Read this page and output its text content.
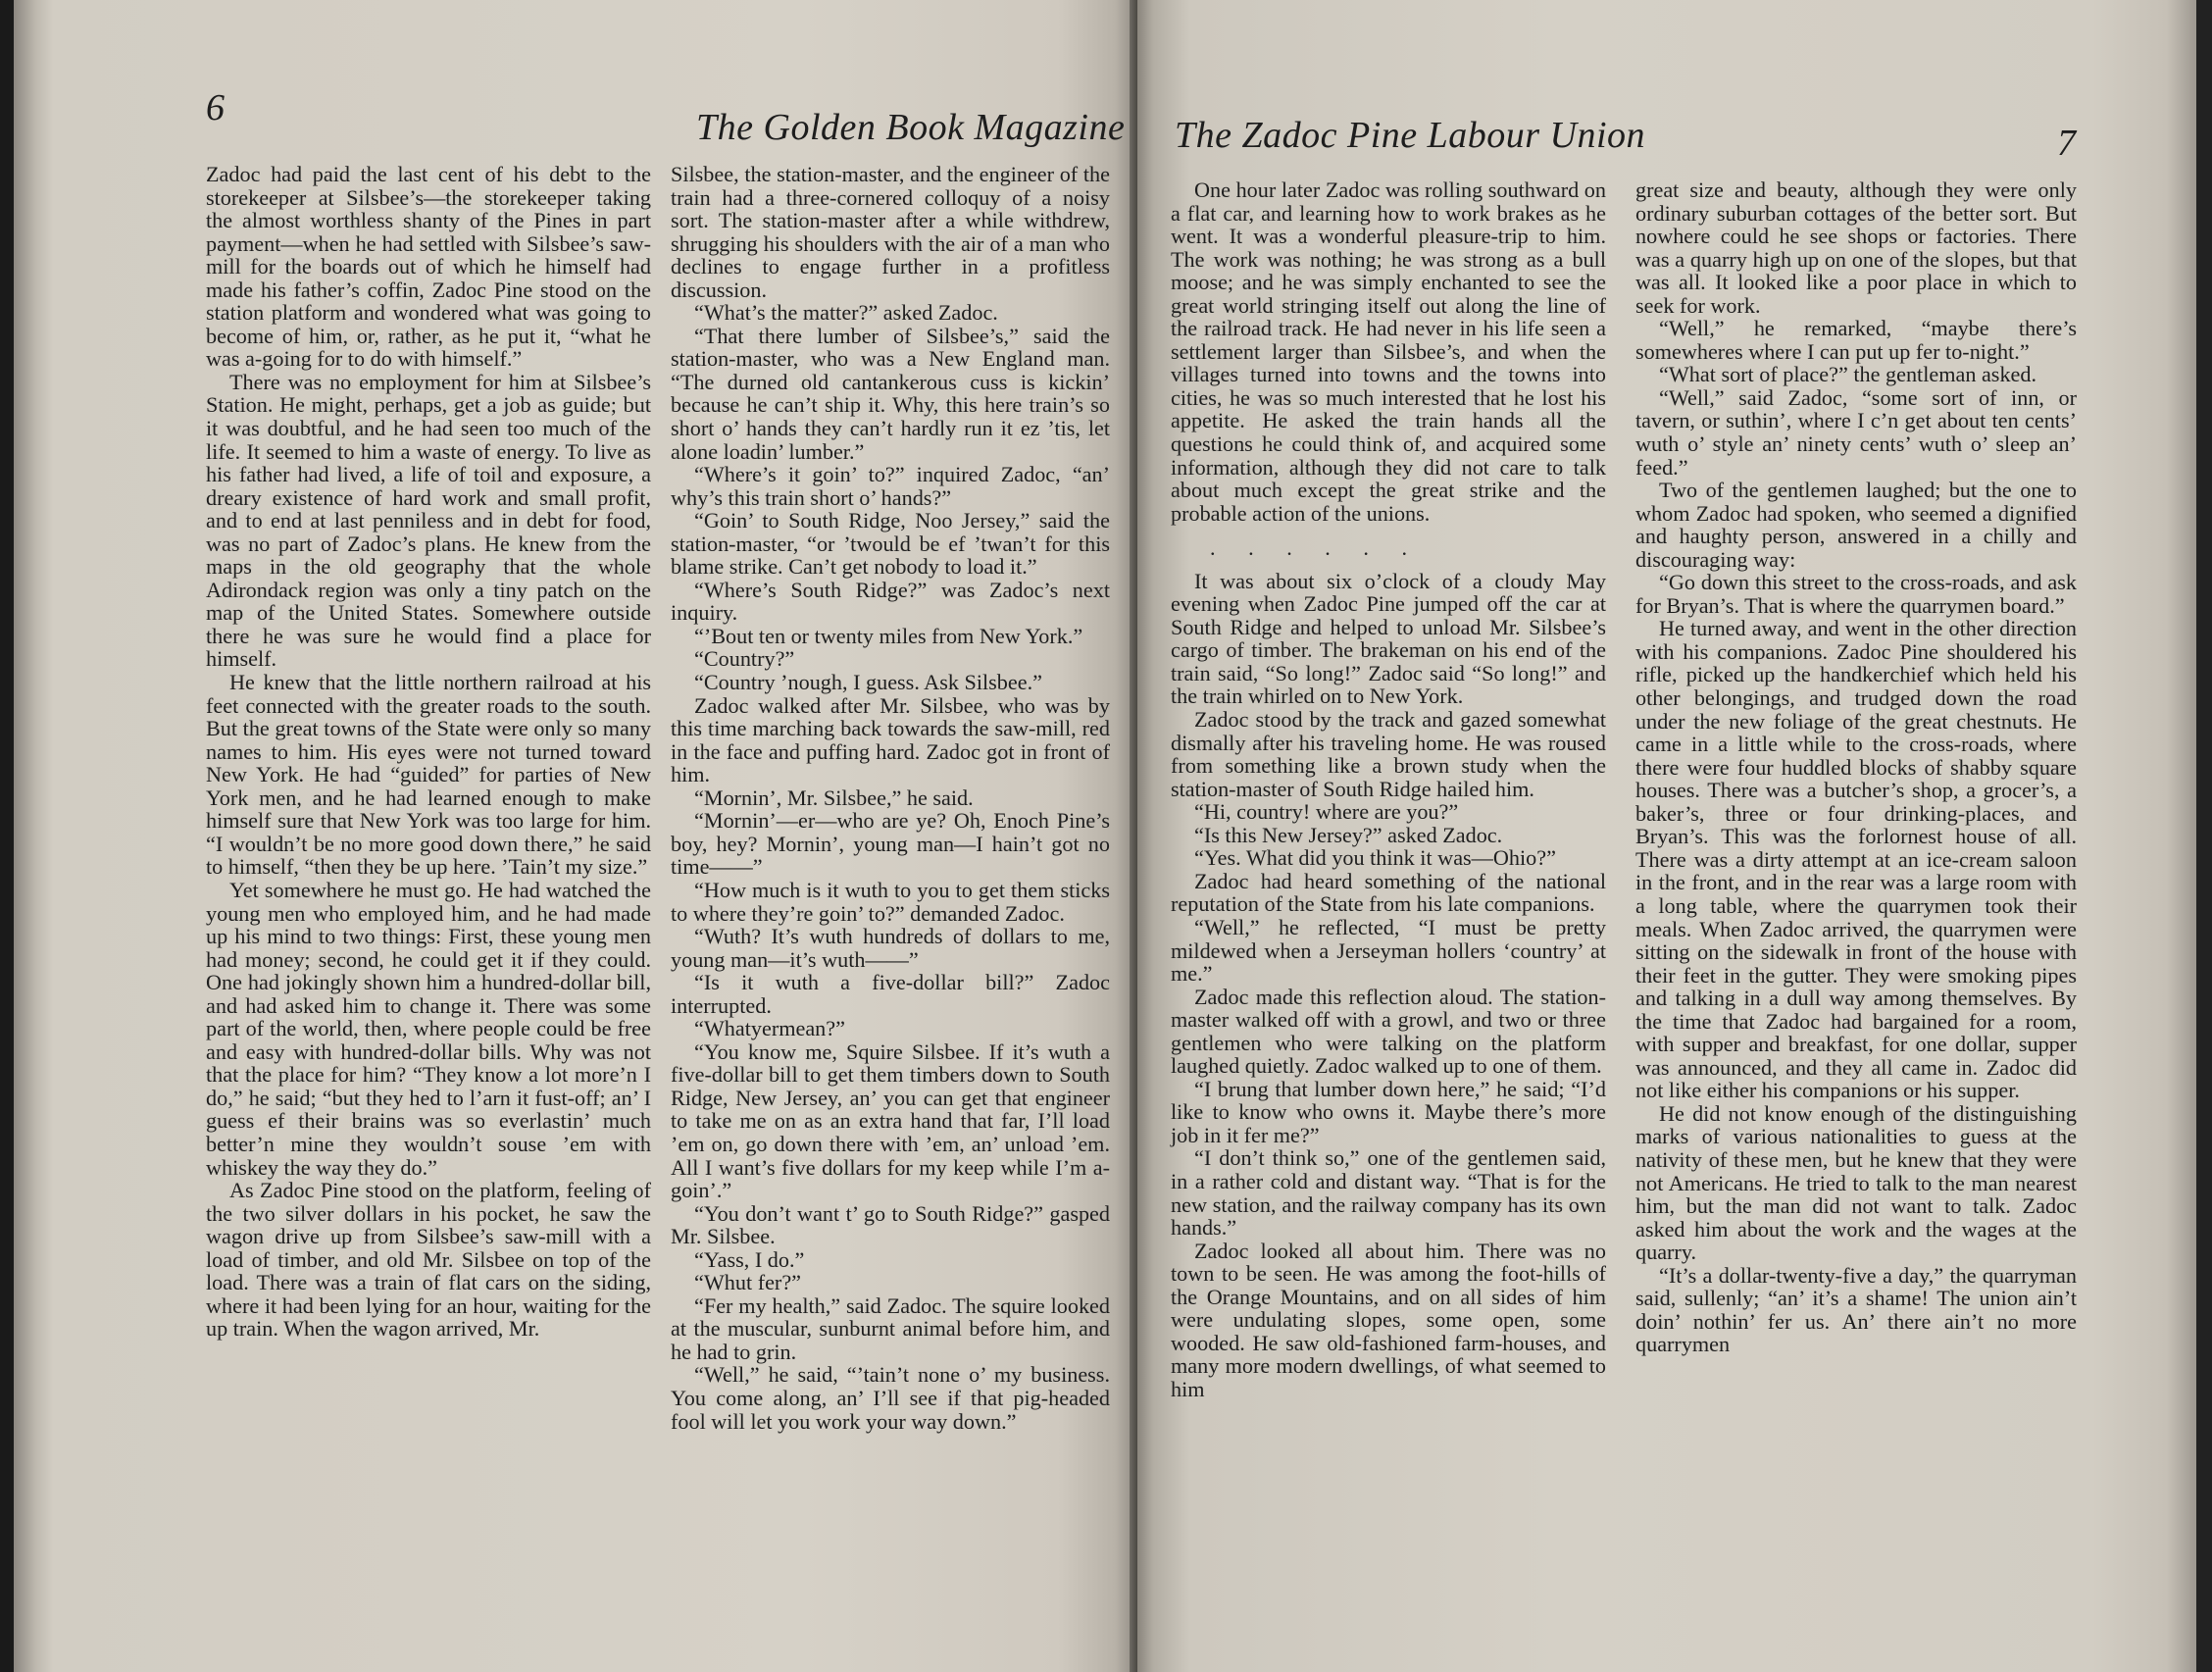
6	The Golden Book Magazine

Zadoc had paid the last cent of his debt to the storekeeper at Silsbee’s—the storekeeper taking the almost worthless shanty of the Pines in part payment—when he had settled with Silsbee’s saw-mill for the boards out of which he himself had made his father’s coffin, Zadoc Pine stood on the station platform and wondered what was going to become of him, or, rather, as he put it, “what he was a-going for to do with himself.”

There was no employment for him at Silsbee’s Station. He might, perhaps, get a job as guide; but it was doubtful, and he had seen too much of the life. It seemed to him a waste of energy. To live as his father had lived, a life of toil and exposure, a dreary existence of hard work and small profit, and to end at last penniless and in debt for food, was no part of Zadoc’s plans. He knew from the maps in the old geography that the whole Adirondack region was only a tiny patch on the map of the United States. Somewhere outside there he was sure he would find a place for himself.

He knew that the little northern railroad at his feet connected with the greater roads to the south. But the great towns of the State were only so many names to him. His eyes were not turned toward New York. He had “guided” for parties of New York men, and he had learned enough to make himself sure that New York was too large for him. “I wouldn’t be no more good down there,” he said to himself, “then they be up here. ’Tain’t my size.”

Yet somewhere he must go. He had watched the young men who employed him, and he had made up his mind to two things: First, these young men had money; second, he could get it if they could. One had jokingly shown him a hundred-dollar bill, and had asked him to change it. There was some part of the world, then, where people could be free and easy with hundred-dollar bills. Why was not that the place for him? “They know a lot more’n I do,” he said; “but they hed to l’arn it fust-off; an’ I guess ef their brains was so everlastin’ much better’n mine they wouldn’t souse ’em with whiskey the way they do.”

As Zadoc Pine stood on the platform, feeling of the two silver dollars in his pocket, he saw the wagon drive up from Silsbee’s saw-mill with a load of timber, and old Mr. Silsbee on top of the load. There was a train of flat cars on the siding, where it had been lying for an hour, waiting for the up train. When the wagon arrived, Mr.

Silsbee, the station-master, and the engineer of the train had a three-cornered colloquy of a noisy sort. The station-master after a while withdrew, shrugging his shoulders with the air of a man who declines to engage further in a profitless discussion.

“What’s the matter?” asked Zadoc.

“That there lumber of Silsbee’s,” said the station-master, who was a New England man. “The durned old cantankerous cuss is kickin’ because he can’t ship it. Why, this here train’s so short o’ hands they can’t hardly run it ez ’tis, let alone loadin’ lumber.”

“Where’s it goin’ to?” inquired Zadoc, “an’ why’s this train short o’ hands?”

“Goin’ to South Ridge, Noo Jersey,” said the station-master, “or ’twould be ef ’twan’t for this blame strike. Can’t get nobody to load it.”

“Where’s South Ridge?” was Zadoc’s next inquiry.

“’Bout ten or twenty miles from New York.”

“Country?”

“Country ’nough, I guess. Ask Silsbee.”

Zadoc walked after Mr. Silsbee, who was by this time marching back towards the saw-mill, red in the face and puffing hard. Zadoc got in front of him.

“Mornin’, Mr. Silsbee,” he said.

“Mornin’—er—who are ye? Oh, Enoch Pine’s boy, hey? Mornin’, young man—I hain’t got no time——”

“How much is it wuth to you to get them sticks to where they’re goin’ to?” demanded Zadoc.

“Wuth? It’s wuth hundreds of dollars to me, young man—it’s wuth——”

“Is it wuth a five-dollar bill?” Zadoc interrupted.

“Whatyermean?”

“You know me, Squire Silsbee. If it’s wuth a five-dollar bill to get them timbers down to South Ridge, New Jersey, an’ you can get that engineer to take me on as an extra hand that far, I’ll load ’em on, go down there with ’em, an’ unload ’em. All I want’s five dollars for my keep while I’m a-goin’.”

“You don’t want t’ go to South Ridge?” gasped Mr. Silsbee.

“Yass, I do.”

“Whut fer?”

“Fer my health,” said Zadoc. The squire looked at the muscular, sunburnt animal before him, and he had to grin.

“Well,” he said, “’tain’t none o’ my business. You come along, an’ I’ll see if that pig-headed fool will let you work your way down.”

The Zadoc Pine Labour Union	7

One hour later Zadoc was rolling southward on a flat car, and learning how to work brakes as he went. It was a wonderful pleasure-trip to him. The work was nothing; he was strong as a bull moose; and he was simply enchanted to see the great world stringing itself out along the line of the railroad track. He had never in his life seen a settlement larger than Silsbee’s, and when the villages turned into towns and the towns into cities, he was so much interested that he lost his appetite. He asked the train hands all the questions he could think of, and acquired some information, although they did not care to talk about much except the great strike and the probable action of the unions.

. . . . . .

It was about six o’clock of a cloudy May evening when Zadoc Pine jumped off the car at South Ridge and helped to unload Mr. Silsbee’s cargo of timber. The brakeman on his end of the train said, “So long!” Zadoc said “So long!” and the train whirled on to New York.

Zadoc stood by the track and gazed somewhat dismally after his traveling home. He was roused from something like a brown study when the station-master of South Ridge hailed him.

“Hi, country! where are you?”

“Is this New Jersey?” asked Zadoc.

“Yes. What did you think it was—Ohio?”

Zadoc had heard something of the national reputation of the State from his late companions.

“Well,” he reflected, “I must be pretty mildewed when a Jerseyman hollers ‘country’ at me.”

Zadoc made this reflection aloud. The station-master walked off with a growl, and two or three gentlemen who were talking on the platform laughed quietly. Zadoc walked up to one of them.

“I brung that lumber down here,” he said; “I’d like to know who owns it. Maybe there’s more job in it fer me?”

“I don’t think so,” one of the gentlemen said, in a rather cold and distant way. “That is for the new station, and the railway company has its own hands.”

Zadoc looked all about him. There was no town to be seen. He was among the foot-hills of the Orange Mountains, and on all sides of him were undulating slopes, some open, some wooded. He saw old-fashioned farm-houses, and many more modern dwellings, of what seemed to him

great size and beauty, although they were only ordinary suburban cottages of the better sort. But nowhere could he see shops or factories. There was a quarry high up on one of the slopes, but that was all. It looked like a poor place in which to seek for work.

“Well,” he remarked, “maybe there’s somewheres where I can put up fer to-night.”

“What sort of place?” the gentleman asked.

“Well,” said Zadoc, “some sort of inn, or tavern, or suthin’, where I c’n get about ten cents’ wuth o’ style an’ ninety cents’ wuth o’ sleep an’ feed.”

Two of the gentlemen laughed; but the one to whom Zadoc had spoken, who seemed a dignified and haughty person, answered in a chilly and discouraging way:

“Go down this street to the cross-roads, and ask for Bryan’s. That is where the quarrymen board.”

He turned away, and went in the other direction with his companions. Zadoc Pine shouldered his rifle, picked up the handkerchief which held his other belongings, and trudged down the road under the new foliage of the great chestnuts. He came in a little while to the cross-roads, where there were four huddled blocks of shabby square houses. There was a butcher’s shop, a grocer’s, a baker’s, three or four drinking-places, and Bryan’s. This was the forlornest house of all. There was a dirty attempt at an ice-cream saloon in the front, and in the rear was a large room with a long table, where the quarrymen took their meals. When Zadoc arrived, the quarrymen were sitting on the sidewalk in front of the house with their feet in the gutter. They were smoking pipes and talking in a dull way among themselves. By the time that Zadoc had bargained for a room, with supper and breakfast, for one dollar, supper was announced, and they all came in. Zadoc did not like either his companions or his supper.

He did not know enough of the distinguishing marks of various nationalities to guess at the nativity of these men, but he knew that they were not Americans. He tried to talk to the man nearest him, but the man did not want to talk. Zadoc asked him about the work and the wages at the quarry.

“It’s a dollar-twenty-five a day,” the quarryman said, sullenly; “an’ it’s a shame! The union ain’t doin’ nothin’ fer us. An’ there ain’t no more quarrymen
